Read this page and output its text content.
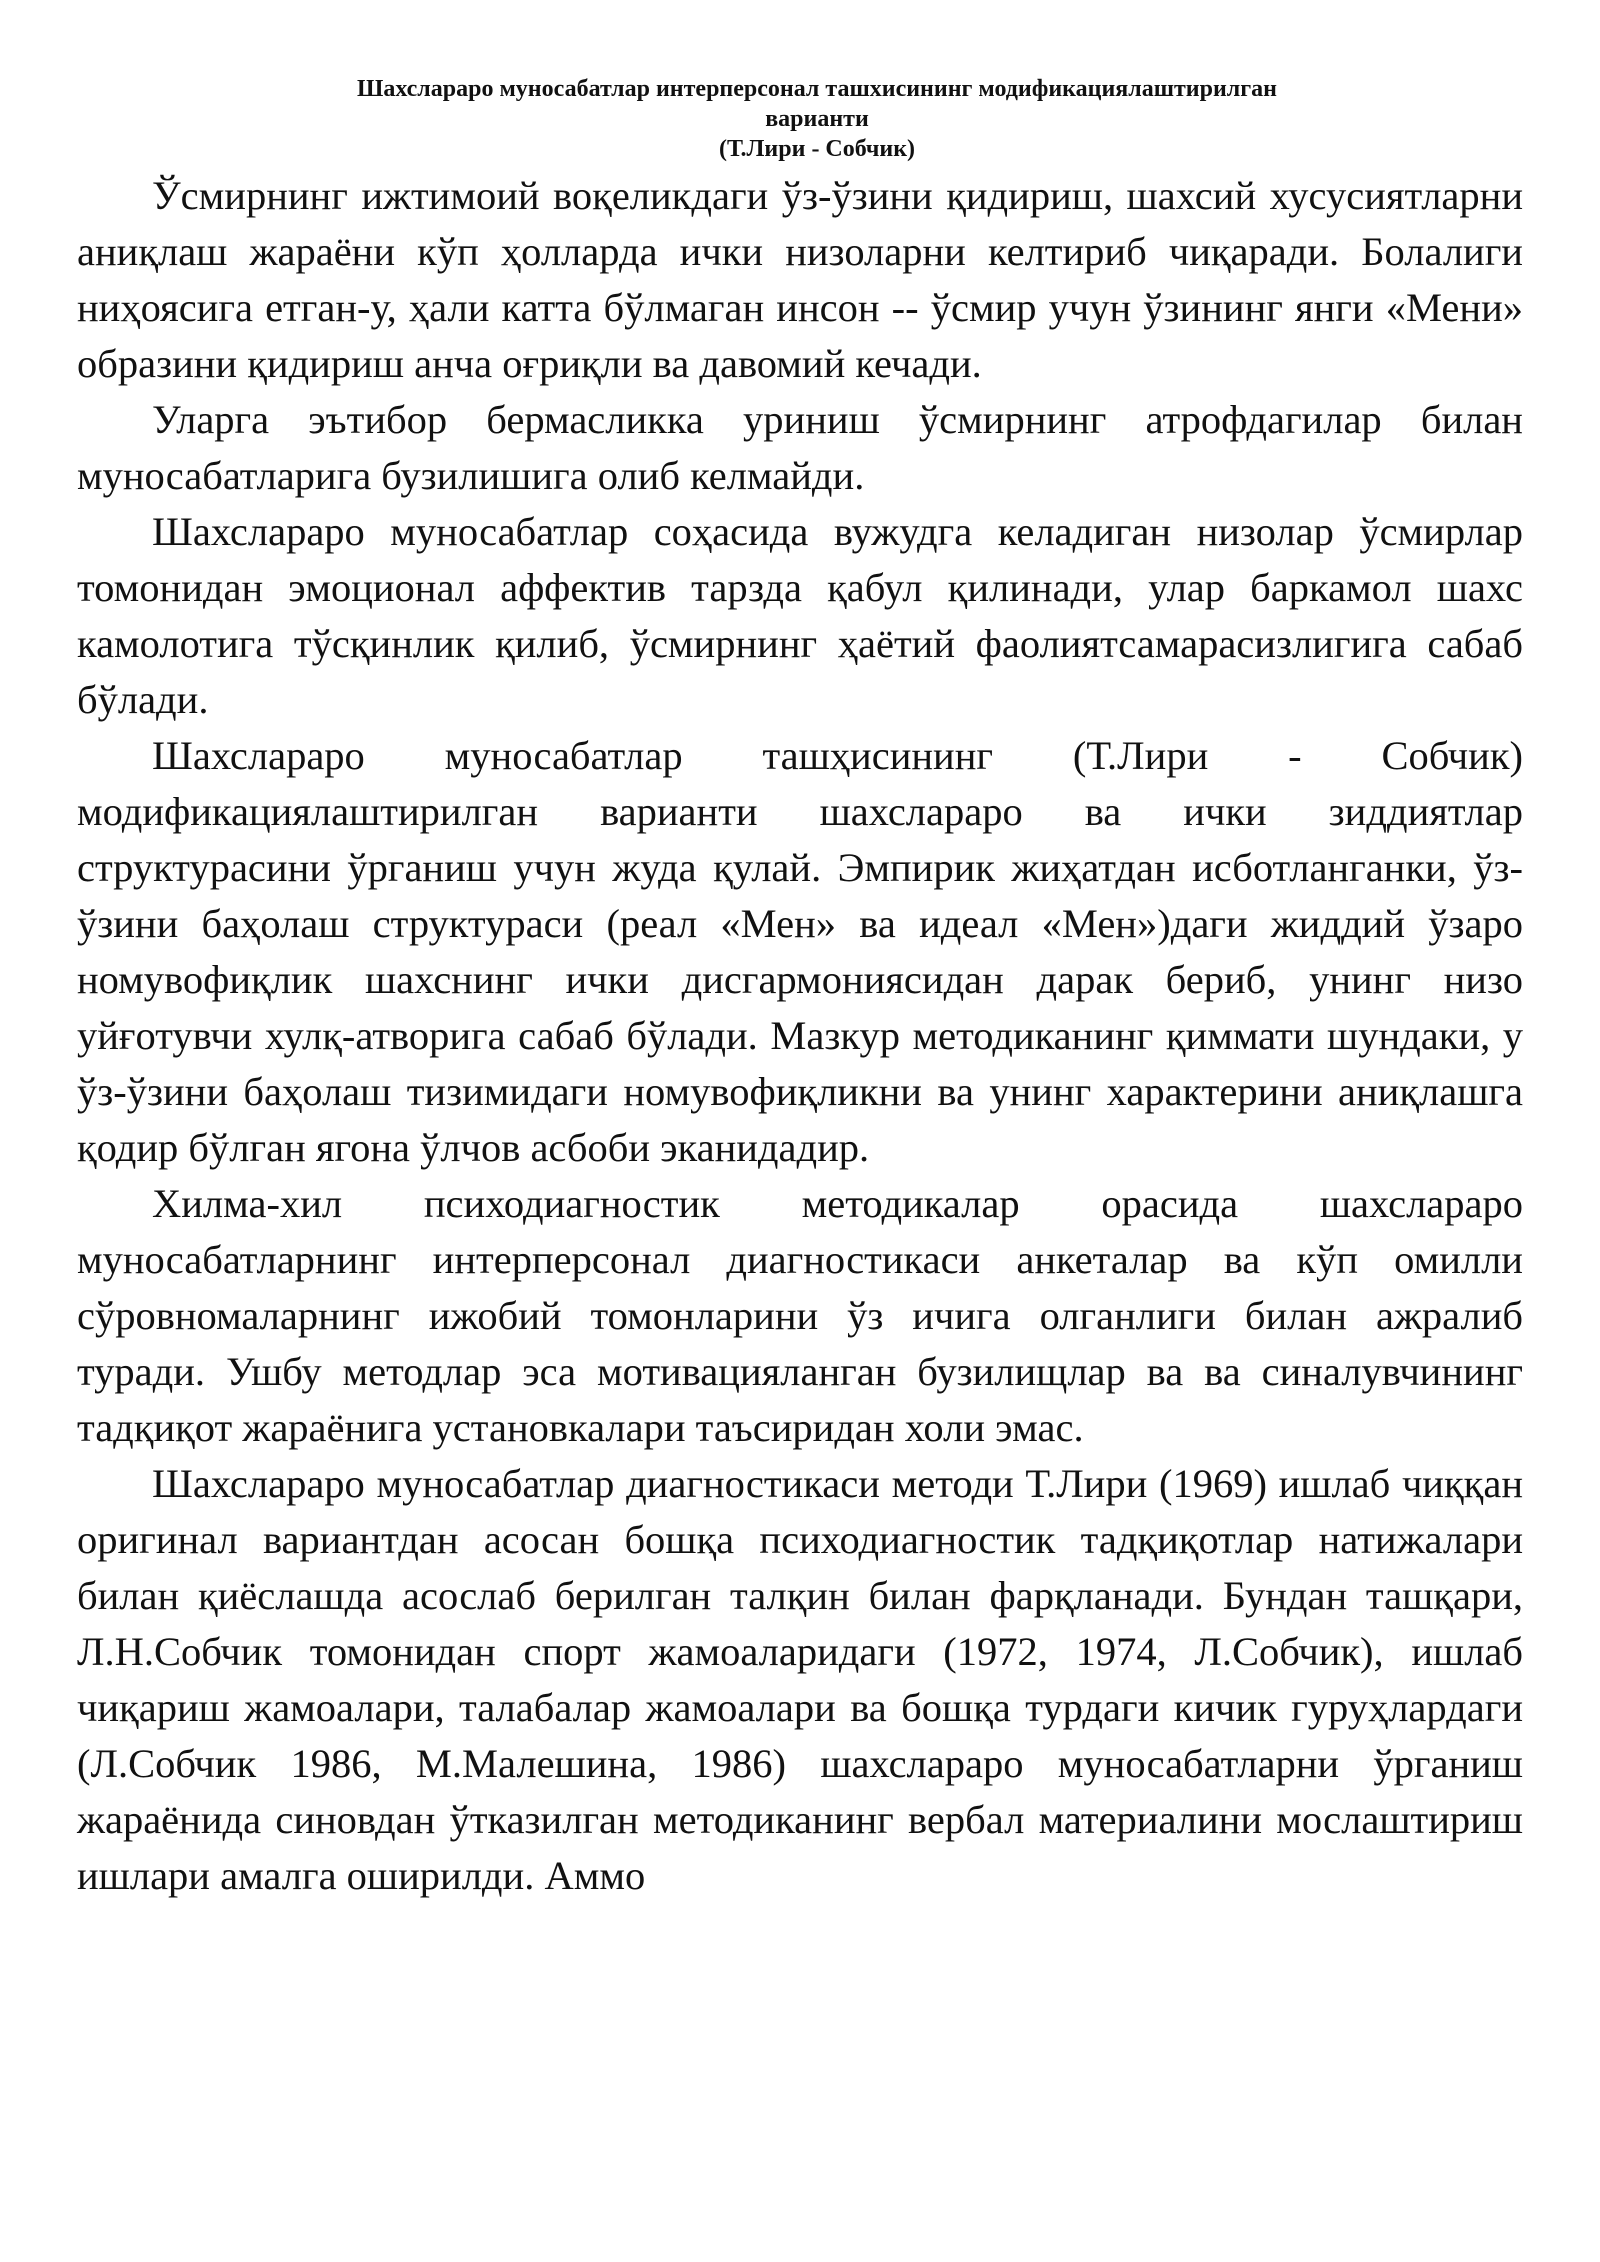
Шахслараро муносабатлар интерперсонал ташхисининг модификациялаштирилган
варианти
(Т.Лири - Собчик)

Ўсмирнинг ижтимоий воқеликдаги ўз-ўзини қидириш, шахсий хусусиятларни аниқлаш жараёни кўп ҳолларда ички низоларни келтириб чиқаради. Болалиги ниҳоясига етган-у, ҳали катта бўлмаган инсон -- ўсмир учун ўзининг янги «Мени» образини қидириш анча оғриқли ва давомий кечади.

Уларга эътибор бермасликка уриниш ўсмирнинг атрофдагилар билан муносабатларига бузилишига олиб келмайди.

Шахслараро муносабатлар соҳасида вужудга келадиган низолар ўсмирлар томонидан эмоционал аффектив тарзда қабул қилинади, улар баркамол шахс камолотига тўсқинлик қилиб, ўсмирнинг ҳаётий фаолиятсамарасизлигига сабаб бўлади.

Шахслараро муносабатлар ташҳисининг (Т.Лири - Собчик) модификациялаштирилган варианти шахслараро ва ички зиддиятлар структурасини ўрганиш учун жуда қулай. Эмпирик жиҳатдан исботланганки, ўз-ўзини баҳолаш структураси (реал «Мен» ва идеал «Мен»)даги жиддий ўзаро номувофиқлик шахснинг ички дисгармониясидан дарак бериб, унинг низо уйғотувчи хулқ-атворига сабаб бўлади. Мазкур методиканинг қиммати шундаки, у ўз-ўзини баҳолаш тизимидаги номувофиқликни ва унинг характерини аниқлашга қодир бўлган ягона ўлчов асбоби эканидадир.

Хилма-хил психодиагностик методикалар орасида шахслараро муносабатларнинг интерперсонал диагностикаси анкеталар ва кўп омилли сўровномаларнинг ижобий томонларини ўз ичига олганлиги билан ажралиб туради. Ушбу методлар эса мотивацияланган бузилищлар ва ва синалувчининг тадқиқот жараёнига установкалари таъсиридан холи эмас.

Шахслараро муносабатлар диагностикаси методи Т.Лири (1969) ишлаб чиққан оригинал вариантдан асосан бошқа психодиагностик тадқиқотлар натижалари билан қиёслашда асослаб берилган талқин билан фарқланади. Бундан ташқари, Л.Н.Собчик томонидан спорт жамоаларидаги (1972, 1974, Л.Собчик), ишлаб чиқариш жамоалари, талабалар жамоалари ва бошқа турдаги кичик гуруҳлардаги (Л.Собчик 1986, М.Малешина, 1986) шахслараро муносабатларни ўрганиш жараёнида синовдан ўтказилган методиканинг вербал материалини мослаштириш ишлари амалга оширилди. Аммо
